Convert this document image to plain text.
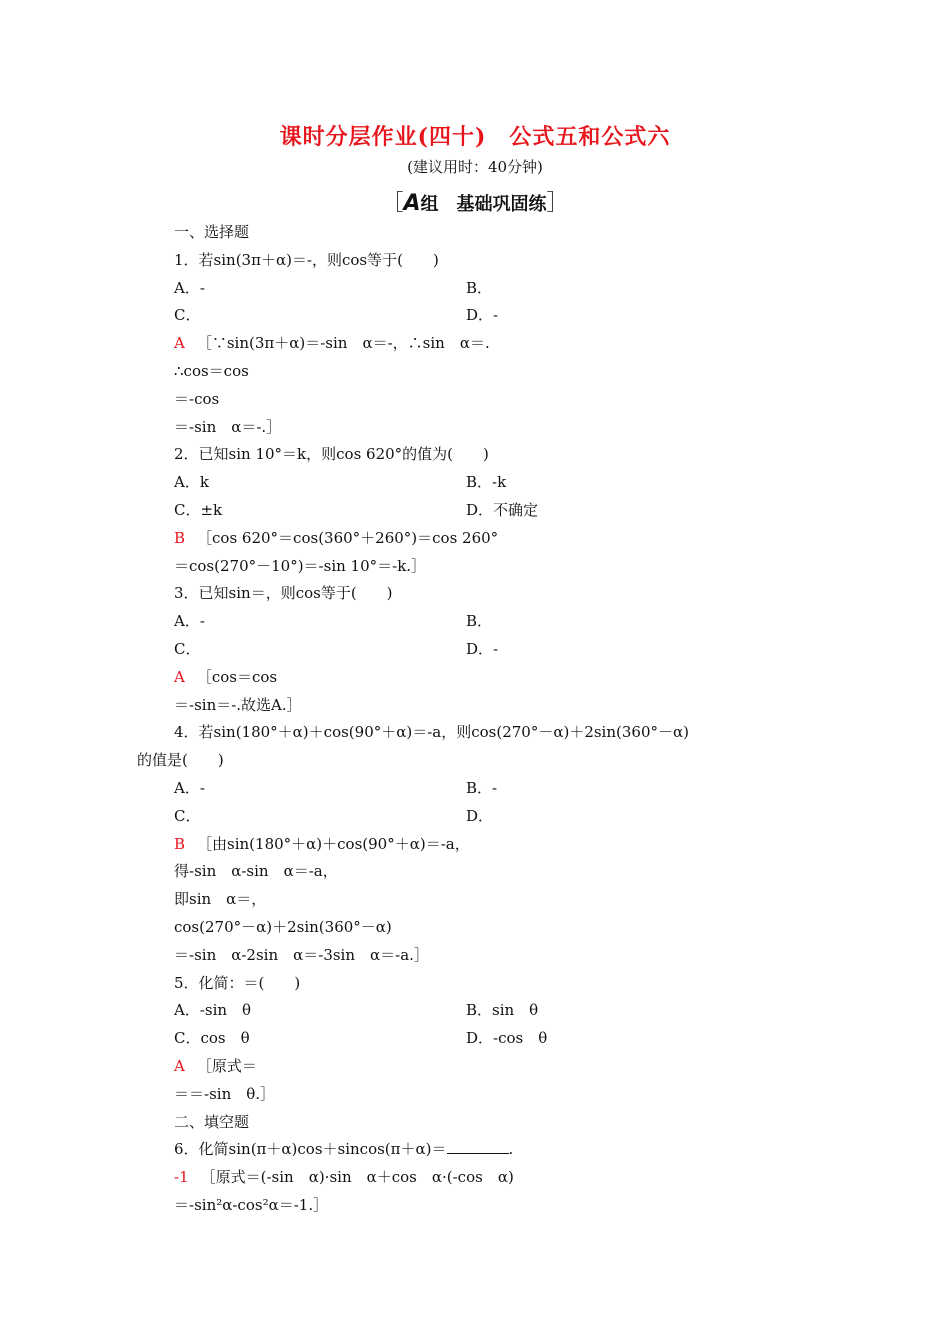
课时分层作业(四十)　公式五和公式六
(建议用时：40分钟)
［A组　基础巩固练］
一、选择题
1．若sin(3π＋α)＝-，则cos等于(　　)
A．-	B．
C．	D．-
A ［∵sin(3π＋α)＝-sin　α＝-，∴sin　α＝.
∴cos＝cos
＝-cos
＝-sin　α＝-.］
2．已知sin 10°＝k，则cos 620°的值为(　　)
A．k	B．-k
C．±k	D．不确定
B ［cos 620°＝cos(360°＋260°)＝cos 260°
＝cos(270°－10°)＝-sin 10°＝-k.］
3．已知sin＝，则cos等于(　　)
A．-	B．
C．	D．-
A ［cos＝cos
＝-sin＝-.故选A.］
4．若sin(180°＋α)＋cos(90°＋α)＝-a，则cos(270°－α)＋2sin(360°－α)
的值是(　　)
A．-	B．-
C．	D．
B ［由sin(180°＋α)＋cos(90°＋α)＝-a，
得-sin　α-sin　α＝-a，
即sin　α＝，
cos(270°－α)＋2sin(360°－α)
＝-sin　α-2sin　α＝-3sin　α＝-a.］
5．化简：＝(　　)
A．-sin　θ	B．sin　θ
C．cos　θ	D．-cos　θ
A ［原式＝
＝＝-sin　θ.］
二、填空题
6．化简sin(π＋α)cos＋sincos(π＋α)＝	.
-1 ［原式＝(-sin　α)·sin　α＋cos　α·(-cos　α)
＝-sin²α-cos²α＝-1.］
